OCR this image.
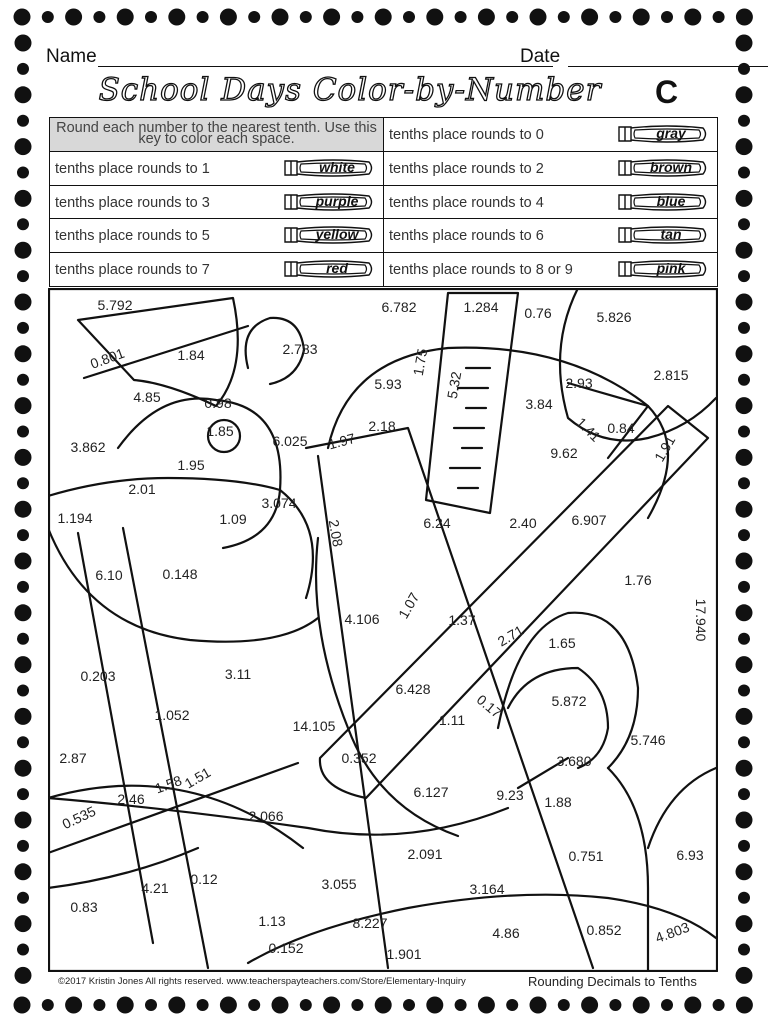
Name	Date
School Days Color-by-Number	C
Round each number to the nearest tenth. Use this key to color each space.	tenths place rounds to 0 gray

tenths place rounds to 1 white	tenths place rounds to 2 brown

tenths place rounds to 3 purple	tenths place rounds to 4 blue

tenths place rounds to 5 yellow	tenths place rounds to 6 tan

tenths place rounds to 7 red	tenths place rounds to 8 or 9 pink
5.792	6.782	1.284 0.76	5.826
0.801	1.84	2.783	1.75
5.32
4.85	0.98
1.85
5.93	2.93	2.815
3.84
3.862	6.025 1.97
2.18	1.41 0.84
1.91
1.95
9.62
2.01
3.074
1.194	1.09	2.08	6.24	2.40 6.907
6.10	0.148	1.76
4.106 1.07 1.37	17.940
2.71 1.65
0.203	3.11
6.428
5.872
1.052
14.105	1.11 0.17
5.746
2.87	0.352	3.680
1.58
1.51
2.46	6.127	9.23 1.88
0.535	2.066
2.091	0.751	6.93
4.21
0.12	3.055	3.164
0.83
1.13	8.227
4.86	0.852 4.803
0.152	1.901
©2017 Kristin Jones All rights reserved. www.teacherspayteachers.com/Store/Elementary-Inquiry	Rounding Decimals to Tenths
